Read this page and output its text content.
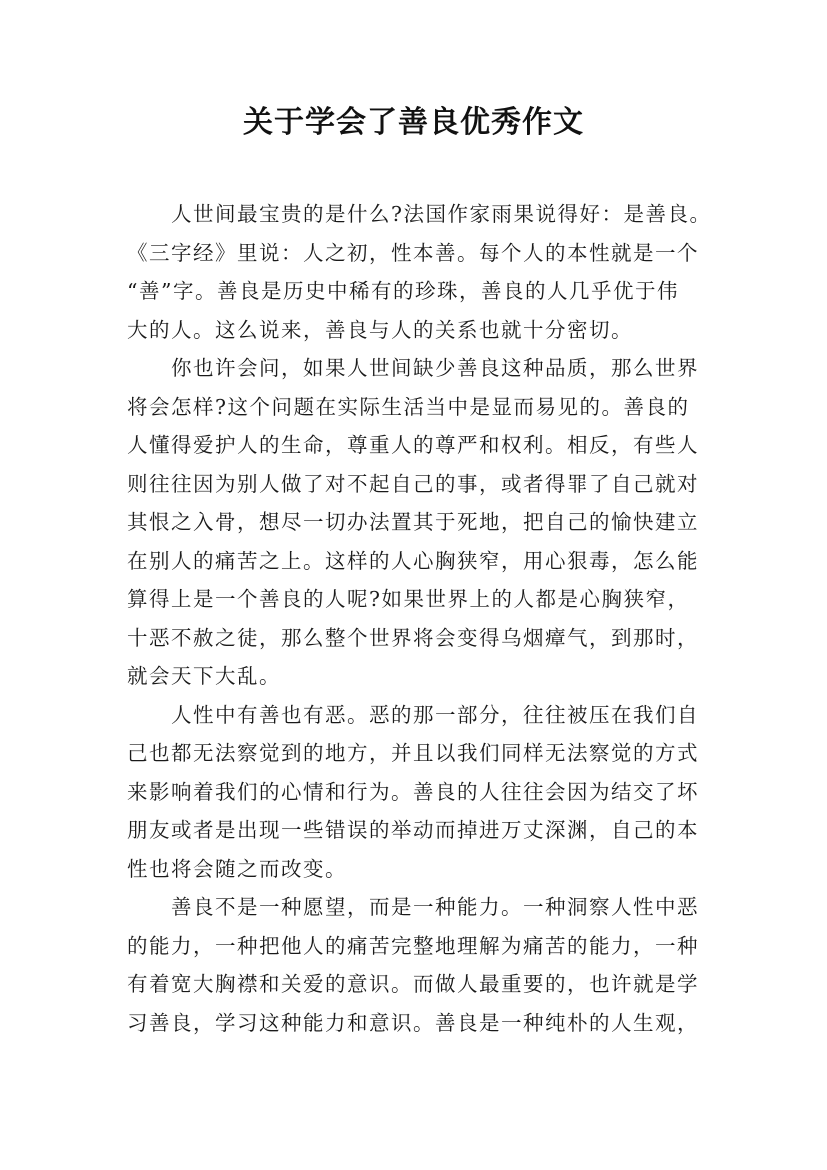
关于学会了善良优秀作文
人世间最宝贵的是什么?法国作家雨果说得好：是善良。
《三字经》里说：人之初，性本善。每个人的本性就是一个
“善”字。善良是历史中稀有的珍珠，善良的人几乎优于伟
大的人。这么说来，善良与人的关系也就十分密切。
你也许会问，如果人世间缺少善良这种品质，那么世界
将会怎样?这个问题在实际生活当中是显而易见的。善良的
人懂得爱护人的生命，尊重人的尊严和权利。相反，有些人
则往往因为别人做了对不起自己的事，或者得罪了自己就对
其恨之入骨，想尽一切办法置其于死地，把自己的愉快建立
在别人的痛苦之上。这样的人心胸狭窄，用心狠毒，怎么能
算得上是一个善良的人呢?如果世界上的人都是心胸狭窄，
十恶不赦之徒，那么整个世界将会变得乌烟瘴气，到那时，
就会天下大乱。
人性中有善也有恶。恶的那一部分，往往被压在我们自
己也都无法察觉到的地方，并且以我们同样无法察觉的方式
来影响着我们的心情和行为。善良的人往往会因为结交了坏
朋友或者是出现一些错误的举动而掉进万丈深渊，自己的本
性也将会随之而改变。
善良不是一种愿望，而是一种能力。一种洞察人性中恶
的能力，一种把他人的痛苦完整地理解为痛苦的能力，一种
有着宽大胸襟和关爱的意识。而做人最重要的，也许就是学
习善良，学习这种能力和意识。善良是一种纯朴的人生观，
